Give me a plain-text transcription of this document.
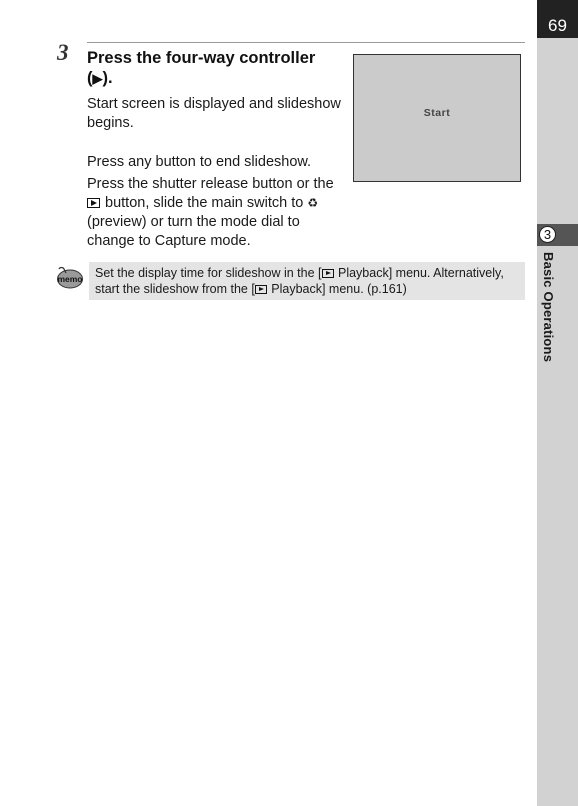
69
3
Basic Operations
3 Press the four-way controller (▶).
Start screen is displayed and slideshow begins.
Press any button to end slideshow.
Press the shutter release button or the  button, slide the main switch to ♻ (preview) or turn the mode dial to change to Capture mode.
Start
memo Set the display time for slideshow in the [ Playback] menu. Alternatively, start the slideshow from the [ Playback] menu. (p.161)
